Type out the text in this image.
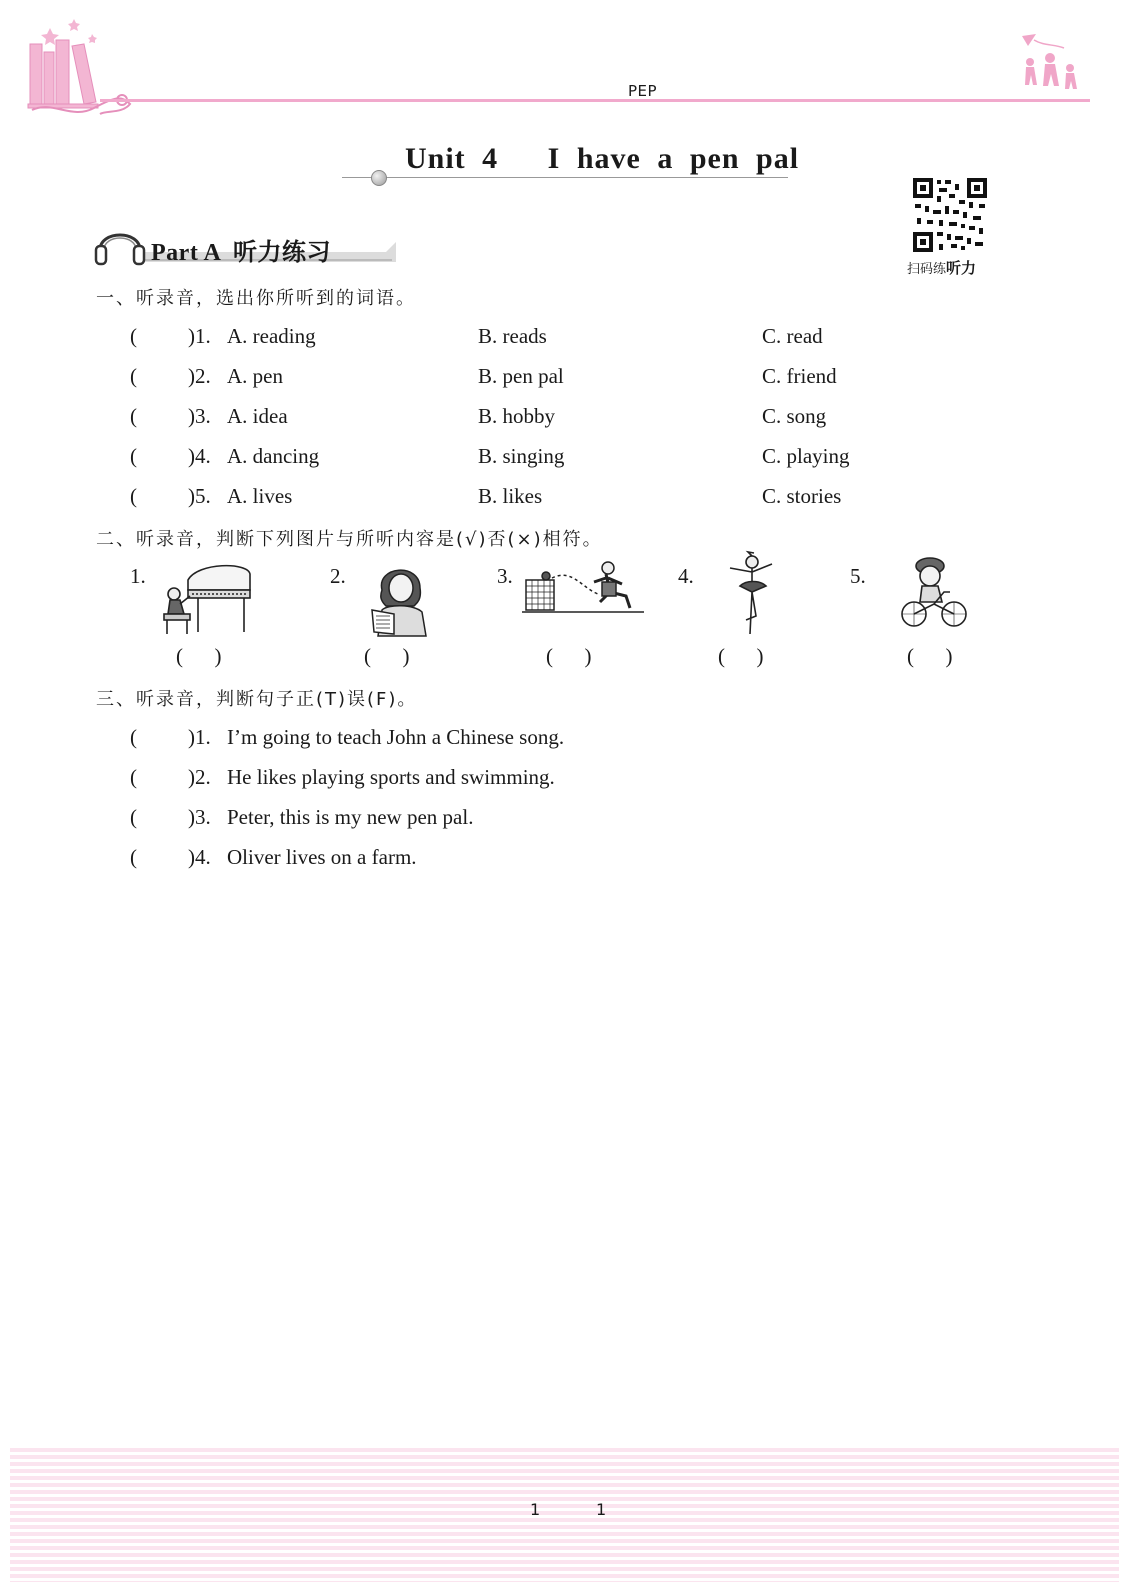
PEP
Unit 4   I have a pen pal
扫码练听力
Part A  听力练习
一、听录音，选出你所听到的词语。

(

)1.

A. reading

	B. reads

	C. read

(

)2.

A. pen

	B. pen pal

	C. friend

(

)3.

A. idea

	B. hobby

	C. song

(

)4.

A. dancing

	B. singing

	C. playing

(

)5.

A. lives

	B. likes

	C. stories

二、听录音，判断下列图片与所听内容是(√)否(×)相符。
1.
(      )
2.
(      )
3.
(      )
4.
(      )
5.
(      )
三、听录音，判断句子正(T)误(F)。

(

)1.

I’m going to teach John a Chinese song.

(

)2.

He likes playing sports and swimming.

(

)3.

Peter, this is my new pen pal.

(

)4.

Oliver lives on a farm.

1	1
